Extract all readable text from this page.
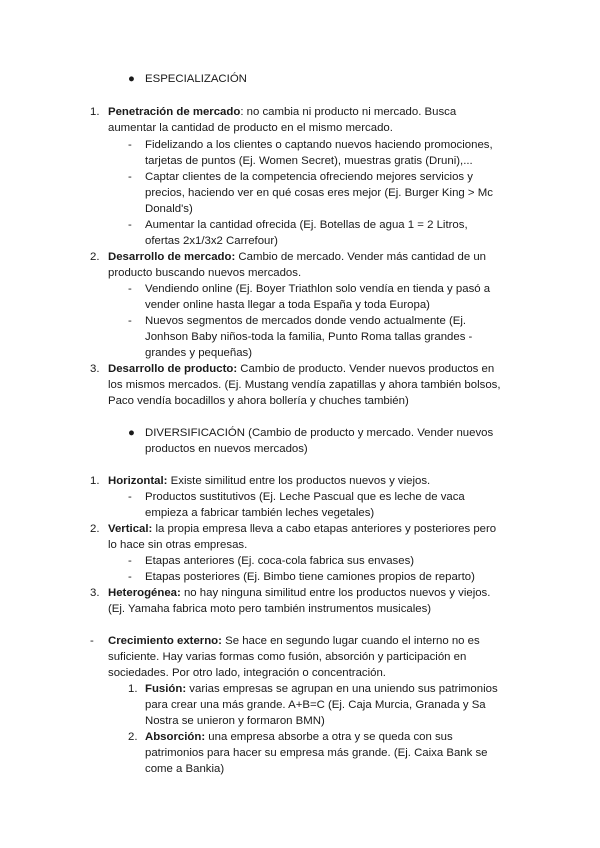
● ESPECIALIZACIÓN
1. Penetración de mercado: no cambia ni producto ni mercado. Busca
aumentar la cantidad de producto en el mismo mercado.
- Fidelizando a los clientes o captando nuevos haciendo promociones,
tarjetas de puntos (Ej. Women Secret), muestras gratis (Druni),...
- Captar clientes de la competencia ofreciendo mejores servicios y
precios, haciendo ver en qué cosas eres mejor (Ej. Burger King > Mc
Donald's)
- Aumentar la cantidad ofrecida (Ej. Botellas de agua 1 = 2 Litros,
ofertas 2x1/3x2 Carrefour)
2. Desarrollo de mercado: Cambio de mercado. Vender más cantidad de un
producto buscando nuevos mercados.
- Vendiendo online (Ej. Boyer Triathlon solo vendía en tienda y pasó a
vender online hasta llegar a toda España y toda Europa)
- Nuevos segmentos de mercados donde vendo actualmente (Ej.
Jonhson Baby niños-toda la familia, Punto Roma tallas grandes -
grandes y pequeñas)
3. Desarrollo de producto: Cambio de producto. Vender nuevos productos en
los mismos mercados. (Ej. Mustang vendía zapatillas y ahora también bolsos,
Paco vendía bocadillos y ahora bollería y chuches también)
● DIVERSIFICACIÓN (Cambio de producto y mercado. Vender nuevos
productos en nuevos mercados)
1. Horizontal: Existe similitud entre los productos nuevos y viejos.
- Productos sustitutivos (Ej. Leche Pascual que es leche de vaca
empieza a fabricar también leches vegetales)
2. Vertical: la propia empresa lleva a cabo etapas anteriores y posteriores pero
lo hace sin otras empresas.
- Etapas anteriores (Ej. coca-cola fabrica sus envases)
- Etapas posteriores (Ej. Bimbo tiene camiones propios de reparto)
3. Heterogénea: no hay ninguna similitud entre los productos nuevos y viejos.
(Ej. Yamaha fabrica moto pero también instrumentos musicales)
- Crecimiento externo: Se hace en segundo lugar cuando el interno no es
suficiente. Hay varias formas como fusión, absorción y participación en
sociedades. Por otro lado, integración o concentración.
1. Fusión: varias empresas se agrupan en una uniendo sus patrimonios
para crear una más grande. A+B=C (Ej. Caja Murcia, Granada y Sa
Nostra se unieron y formaron BMN)
2. Absorción: una empresa absorbe a otra y se queda con sus
patrimonios para hacer su empresa más grande. (Ej. Caixa Bank se
come a Bankia)
